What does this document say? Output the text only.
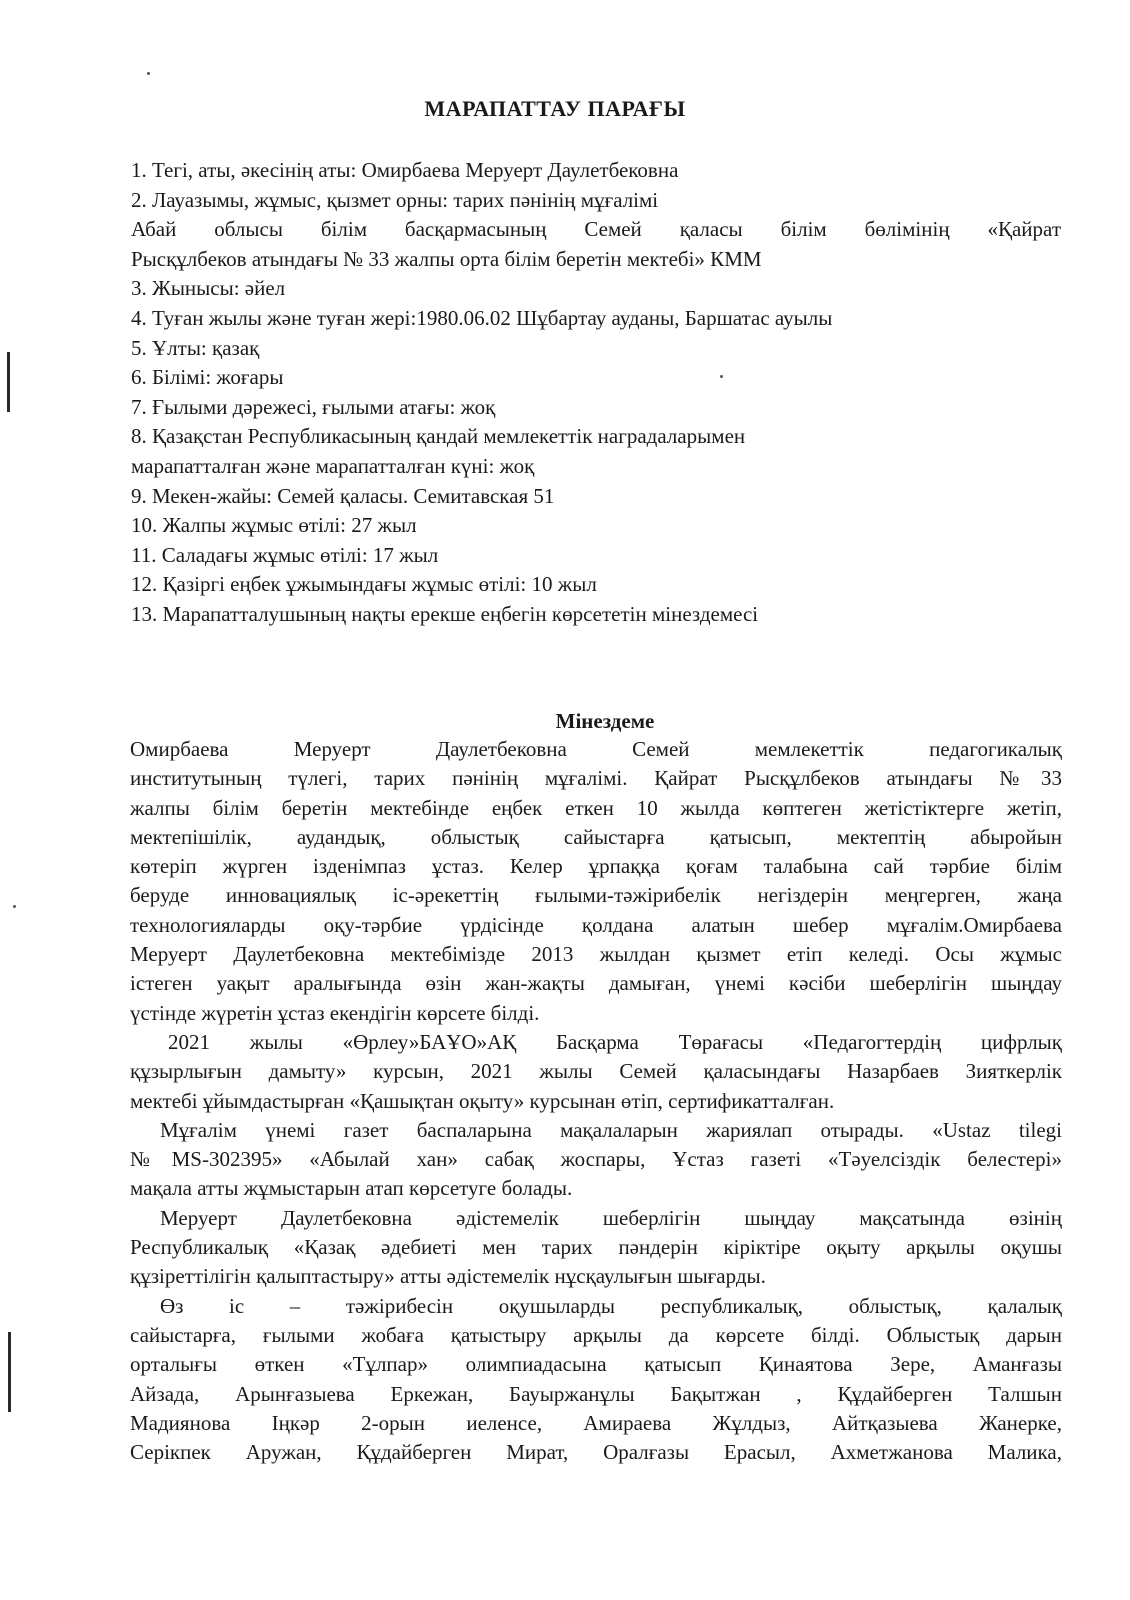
МАРАПАТТАУ ПАРАҒЫ
1. Тегі, аты, әкесінің аты: Омирбаева Меруерт Даулетбековна
2. Лауазымы, жұмыс, қызмет орны: тарих пәнінің мұғалімі
Абай облысы білім басқармасының Семей қаласы білім бөлімінің «Қайрат
Рысқұлбеков атындағы № 33 жалпы орта білім беретін мектебі» КММ
3. Жынысы: әйел
4. Туған жылы және туған жері:1980.06.02 Шұбартау ауданы, Баршатас ауылы
5. Ұлты: қазақ
6. Білімі: жоғары
7. Ғылыми дәрежесі, ғылыми атағы: жоқ
8. Қазақстан Республикасының қандай мемлекеттік наградаларымен
марапатталған және марапатталған күні: жоқ
9. Мекен-жайы: Семей қаласы. Семитавская 51
10. Жалпы жұмыс өтілі: 27 жыл
11. Саладағы жұмыс өтілі: 17 жыл
12. Қазіргі еңбек ұжымындағы жұмыс өтілі: 10 жыл
13. Марапатталушының нақты ерекше еңбегін көрсететін мінездемесі
Мінездеме
Омирбаева Меруерт Даулетбековна Семей мемлекеттік педагогикалық
институтының түлегі, тарих пәнінің мұғалімі. Қайрат Рысқұлбеков атындағы №33
жалпы білім беретін мектебінде еңбек еткен 10 жылда көптеген жетістіктерге жетіп,
мектепішілік, аудандық, облыстық сайыстарға қатысып, мектептің абыройын
көтеріп жүрген ізденімпаз ұстаз. Келер ұрпаққа қоғам талабына сай тәрбие білім
беруде инновациялық іс-әрекеттің ғылыми-тәжірибелік негіздерін меңгерген, жаңа
технологияларды оқу-тәрбие үрдісінде қолдана алатын шебер мұғалім.Омирбаева
Меруерт Даулетбековна мектебімізде 2013 жылдан қызмет етіп келеді. Осы жұмыс
істеген уақыт аралығында өзін жан-жақты дамыған, үнемі кәсіби шеберлігін шыңдау
үстінде жүретін ұстаз екендігін көрсете білді.
2021 жылы «Өрлеу»БАҰО»АҚ Басқарма Төрағасы «Педагогтердің цифрлық
құзырлығын дамыту» курсын, 2021 жылы Семей қаласындағы Назарбаев Зияткерлік
мектебі ұйымдастырған «Қашықтан оқыту» курсынан өтіп, сертификатталған.
Мұғалім үнемі газет баспаларына мақалаларын жариялап отырады. «Ustaz tilegi
№MS-302395» «Абылай хан» сабақ жоспары, Ұстаз газеті «Тәуелсіздік белестері»
мақала атты жұмыстарын атап көрсетуге болады.
Меруерт Даулетбековна әдістемелік шеберлігін шыңдау мақсатында өзінің
Республикалық «Қазақ әдебиеті мен тарих пәндерін кіріктіре оқыту арқылы оқушы
құзіреттілігін қалыптастыру» атты әдістемелік нұсқаулығын шығарды.
Өз іс – тәжірибесін оқушыларды республикалық, облыстық, қалалық
сайыстарға, ғылыми жобаға қатыстыру арқылы да көрсете білді. Облыстық дарын
орталығы өткен «Тұлпар» олимпиадасына қатысып Қинаятова Зере, Аманғазы
Айзада, Арынғазыева Еркежан, Бауыржанұлы Бақытжан , Құдайберген Талшын
Мадиянова Іңкәр 2-орын иеленсе, Амираева Жұлдыз, Айтқазыева Жанерке,
Серікпек Аружан, Құдайберген Мират, Оралғазы Ерасыл, Ахметжанова Малика,
